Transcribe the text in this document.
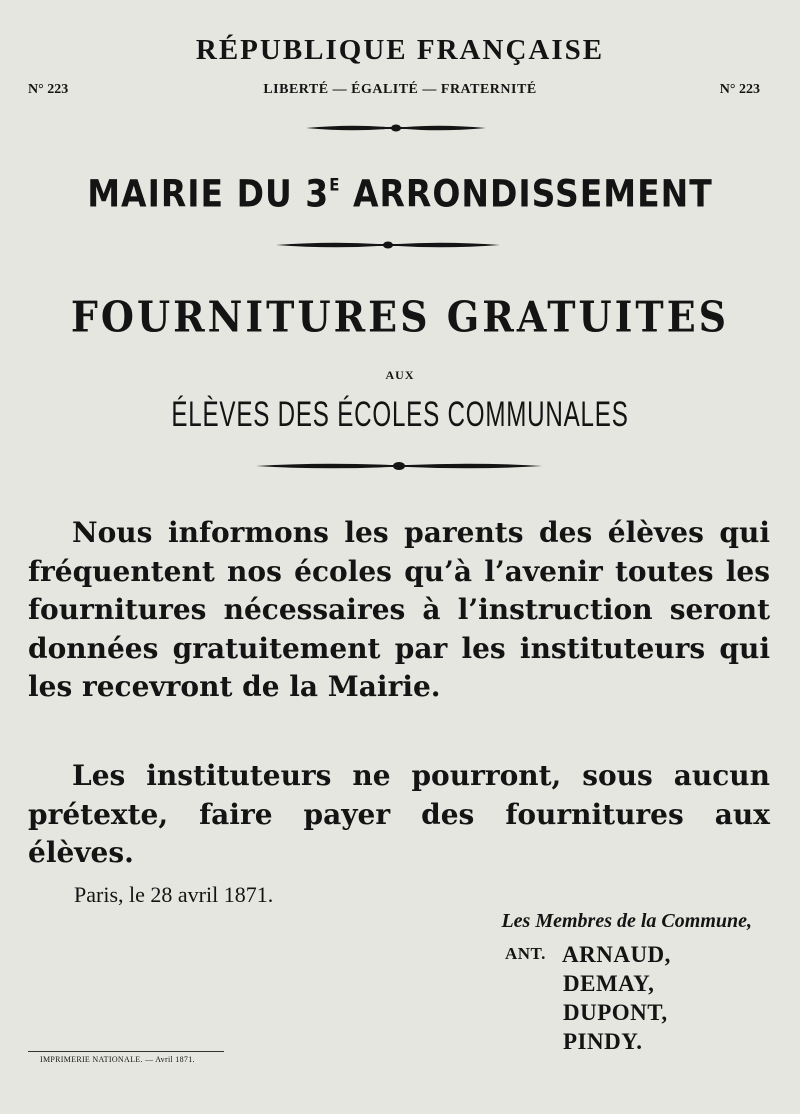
RÉPUBLIQUE FRANÇAISE
N° 223	LIBERTÉ — ÉGALITÉ — FRATERNITÉ	N° 223
MAIRIE DU $3^E$ ARRONDISSEMENT
FOURNITURES GRATUITES
AUX
ÉLÈVES DES ÉCOLES COMMUNALES

Nous informons les parents des élèves qui fréquentent nos écoles qu’à l’avenir toutes les fournitures nécessaires à l’instruction seront données gratuitement par les instituteurs qui les recevront de la Mairie.

Les instituteurs ne pourront, sous aucun prétexte, faire payer des fournitures aux élèves.

Paris, le 28 avril 1871.
Les Membres de la Commune,
ANT. ARNAUD,
DEMAY,
DUPONT,
PINDY.
IMPRIMERIE NATIONALE. — Avril 1871.
